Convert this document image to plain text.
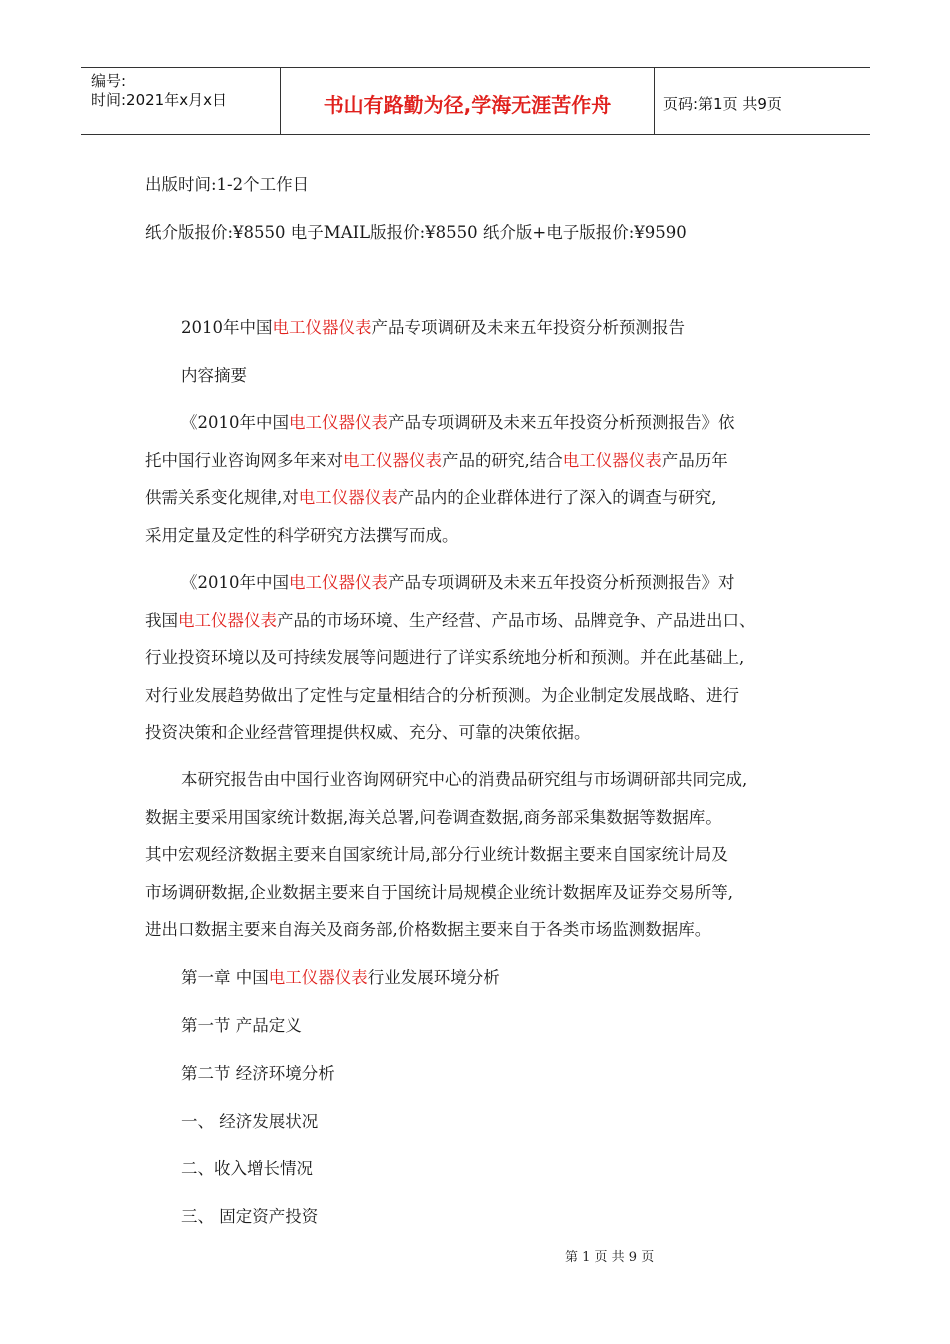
编号:
时间:2021年x月x日	书山有路勤为径,学海无涯苦作舟	页码:第1页 共9页
出版时间:1-2个工作日
纸介版报价:¥8550 电子MAIL版报价:¥8550 纸介版+电子版报价:¥9590
2010年中国电工仪器仪表产品专项调研及未来五年投资分析预测报告
内容摘要
《2010年中国电工仪器仪表产品专项调研及未来五年投资分析预测报告》依
托中国行业咨询网多年来对电工仪器仪表产品的研究,结合电工仪器仪表产品历年
供需关系变化规律,对电工仪器仪表产品内的企业群体进行了深入的调查与研究,
采用定量及定性的科学研究方法撰写而成。
《2010年中国电工仪器仪表产品专项调研及未来五年投资分析预测报告》对
我国电工仪器仪表产品的市场环境、生产经营、产品市场、品牌竞争、产品进出口、
行业投资环境以及可持续发展等问题进行了详实系统地分析和预测。并在此基础上,
对行业发展趋势做出了定性与定量相结合的分析预测。为企业制定发展战略、进行
投资决策和企业经营管理提供权威、充分、可靠的决策依据。
本研究报告由中国行业咨询网研究中心的消费品研究组与市场调研部共同完成,
数据主要采用国家统计数据,海关总署,问卷调查数据,商务部采集数据等数据库。
其中宏观经济数据主要来自国家统计局,部分行业统计数据主要来自国家统计局及
市场调研数据,企业数据主要来自于国统计局规模企业统计数据库及证券交易所等,
进出口数据主要来自海关及商务部,价格数据主要来自于各类市场监测数据库。
第一章 中国电工仪器仪表行业发展环境分析
第一节 产品定义
第二节 经济环境分析
一、 经济发展状况
二、收入增长情况
三、 固定资产投资
第 1 页 共 9 页
